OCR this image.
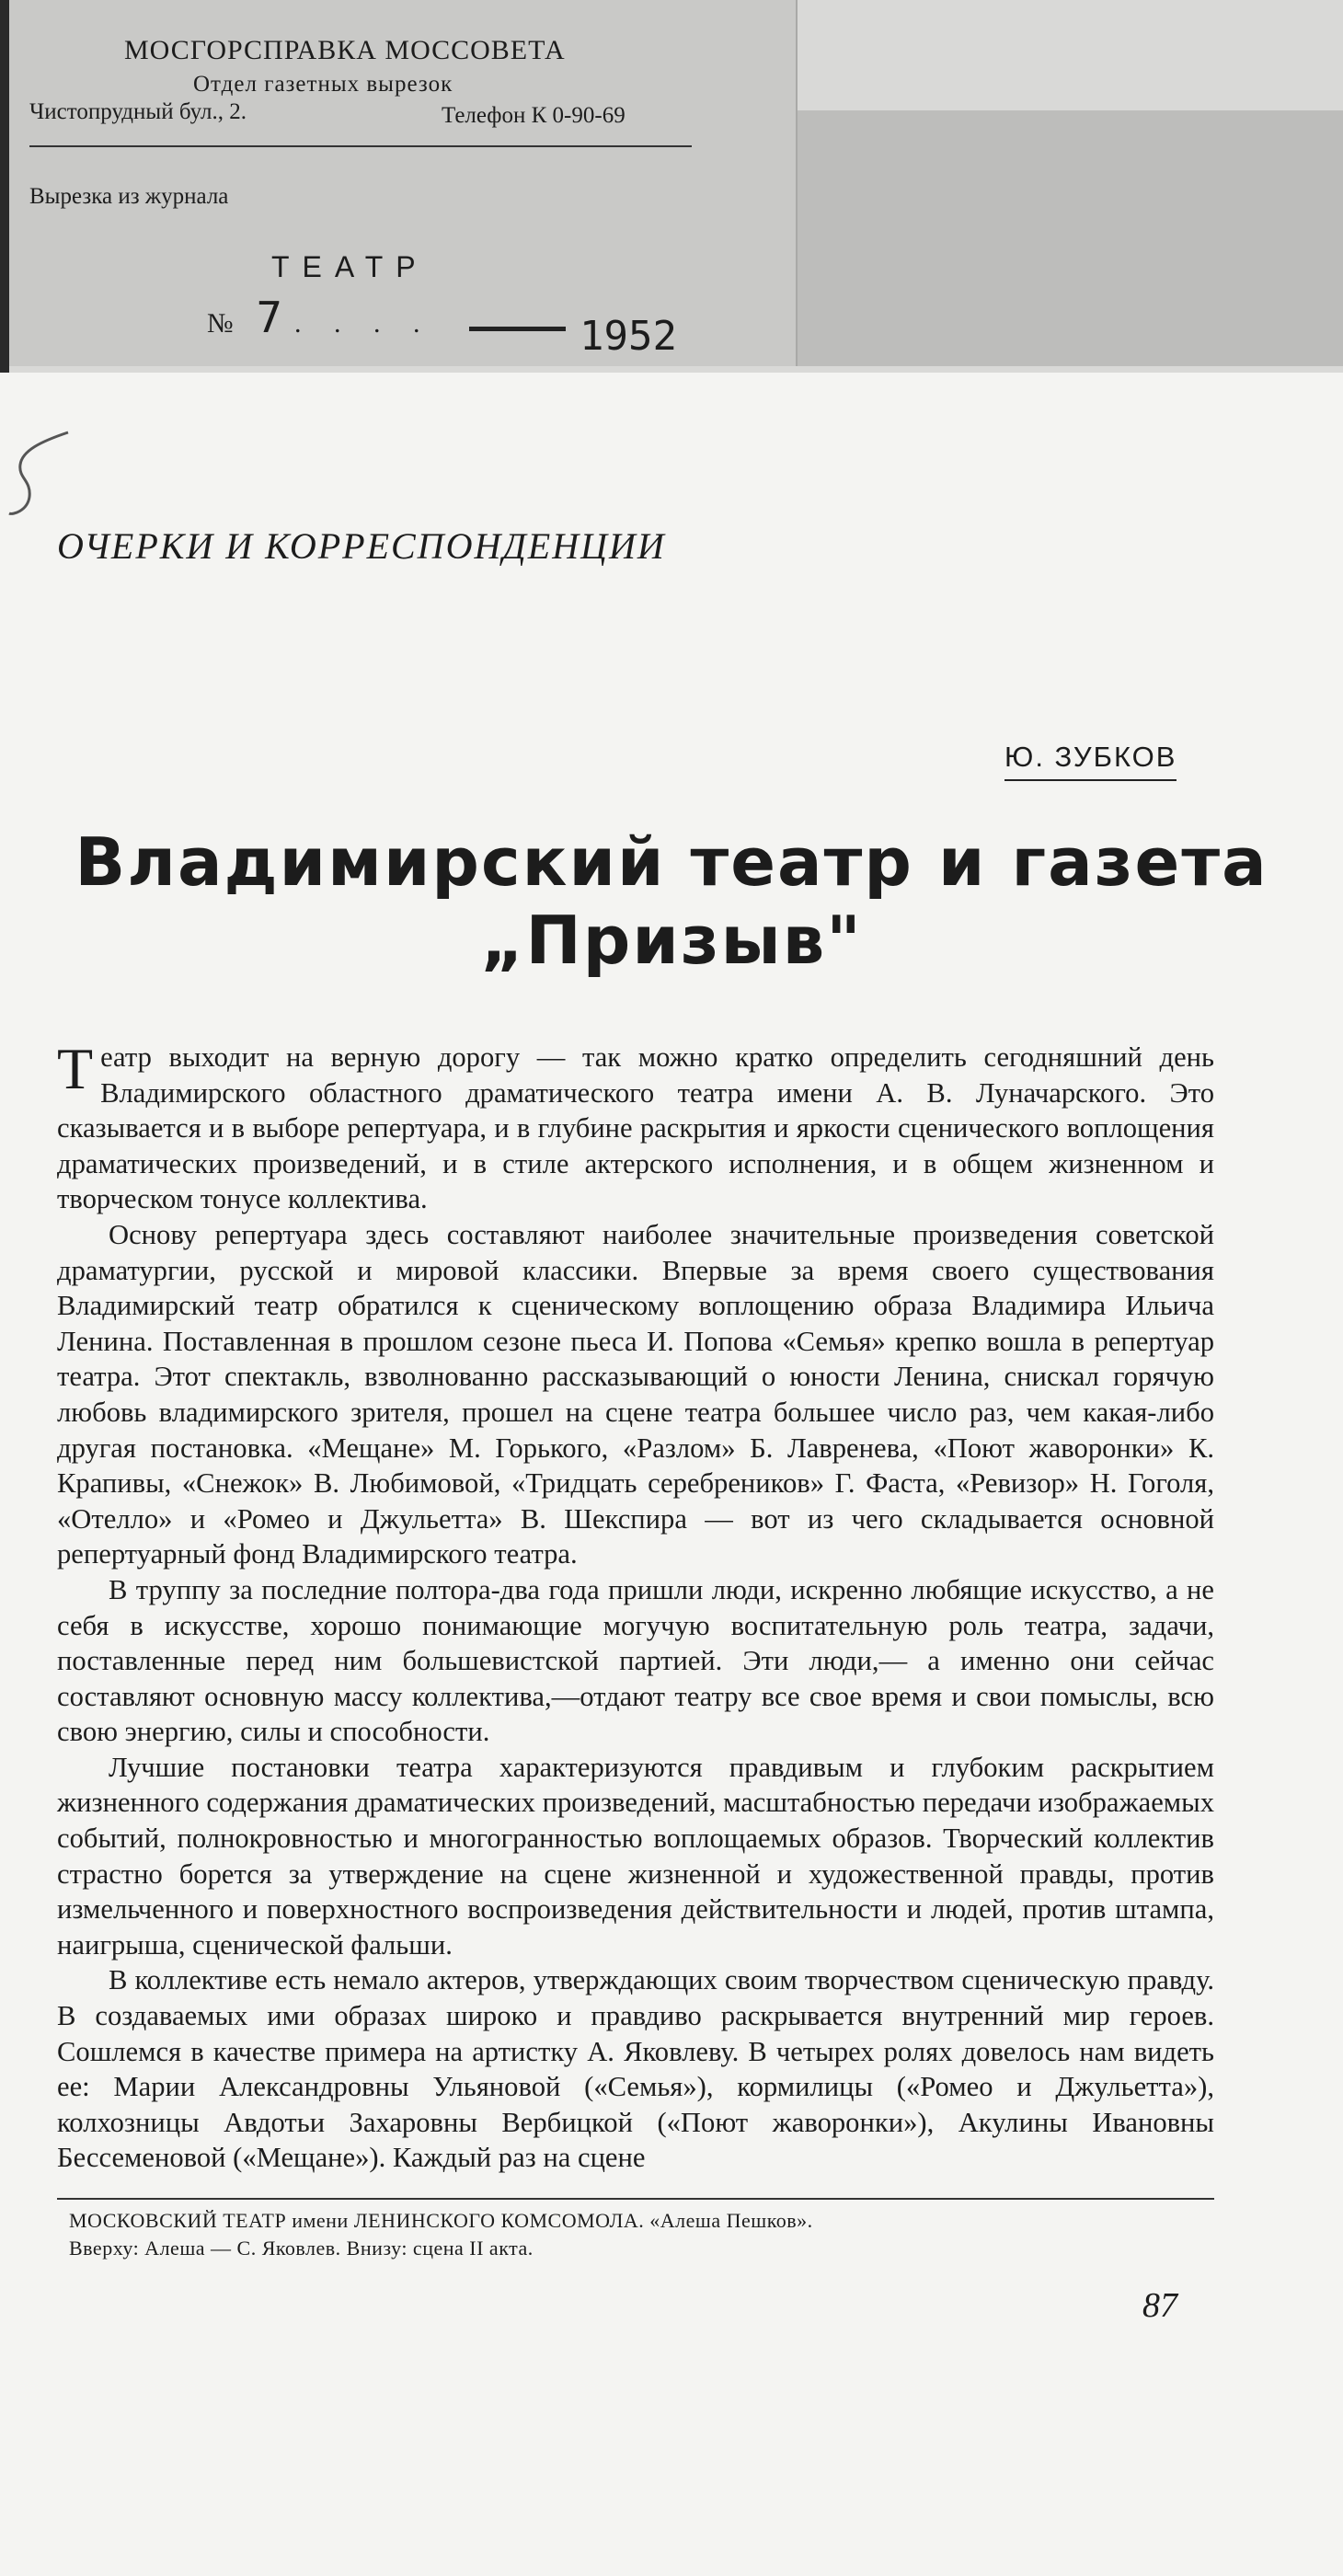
МОСГОРСПРАВКА МОССОВЕТА
Отдел газетных вырезок
Чистопрудный бул., 2.	Телефон К 0-90-69
Вырезка из журнала
ТЕАТР
№ 7 . . . .	1952
ОЧЕРКИ И КОРРЕСПОНДЕНЦИИ
Ю. ЗУБКОВ
Владимирский театр и газета
„Призыв"

Театр выходит на верную дорогу — так можно кратко определить сегодняшний день Владимирского областного драматического театра имени А. В. Луначарского. Это сказывается и в выборе репертуара, и в глубине раскрытия и яркости сценического воплощения драматических произведений, и в стиле актерского исполнения, и в общем жизненном и творческом тонусе коллектива.

Основу репертуара здесь составляют наиболее значительные произведения советской драматургии, русской и мировой классики. Впервые за время своего существования Владимирский театр обратился к сценическому воплощению образа Владимира Ильича Ленина. Поставленная в прошлом сезоне пьеса И. Попова «Семья» крепко вошла в репертуар театра. Этот спектакль, взволнованно рассказывающий о юности Ленина, снискал горячую любовь владимирского зрителя, прошел на сцене театра большее число раз, чем какая-либо другая постановка. «Мещане» М. Горького, «Разлом» Б. Лавренева, «Поют жаворонки» К. Крапивы, «Снежок» В. Любимовой, «Тридцать серебреников» Г. Фаста, «Ревизор» Н. Гоголя, «Отелло» и «Ромео и Джульетта» В. Шекспира — вот из чего складывается основной репертуарный фонд Владимирского театра.

В труппу за последние полтора-два года пришли люди, искренно любящие искусство, а не себя в искусстве, хорошо понимающие могучую воспитательную роль театра, задачи, поставленные перед ним большевистской партией. Эти люди,— а именно они сейчас составляют основную массу коллектива,—отдают театру все свое время и свои помыслы, всю свою энергию, силы и способности.

Лучшие постановки театра характеризуются правдивым и глубоким раскрытием жизненного содержания драматических произведений, масштабностью передачи изображаемых событий, полнокровностью и многогранностью воплощаемых образов. Творческий коллектив страстно борется за утверждение на сцене жизненной и художественной правды, против измельченного и поверхностного воспроизведения действительности и людей, против штампа, наигрыша, сценической фальши.

В коллективе есть немало актеров, утверждающих своим творчеством сценическую правду. В создаваемых ими образах широко и правдиво раскрывается внутренний мир героев. Сошлемся в качестве примера на артистку А. Яковлеву. В четырех ролях довелось нам видеть ее: Марии Александровны Ульяновой («Семья»), кормилицы («Ромео и Джульетта»), колхозницы Авдотьи Захаровны Вербицкой («Поют жаворонки»), Акулины Ивановны Бессеменовой («Мещане»). Каждый раз на сцене

МОСКОВСКИЙ ТЕАТР имени ЛЕНИНСКОГО КОМСОМОЛА. «Алеша Пешков».
Вверху: Алеша — С. Яковлев. Внизу: сцена II акта.
87
